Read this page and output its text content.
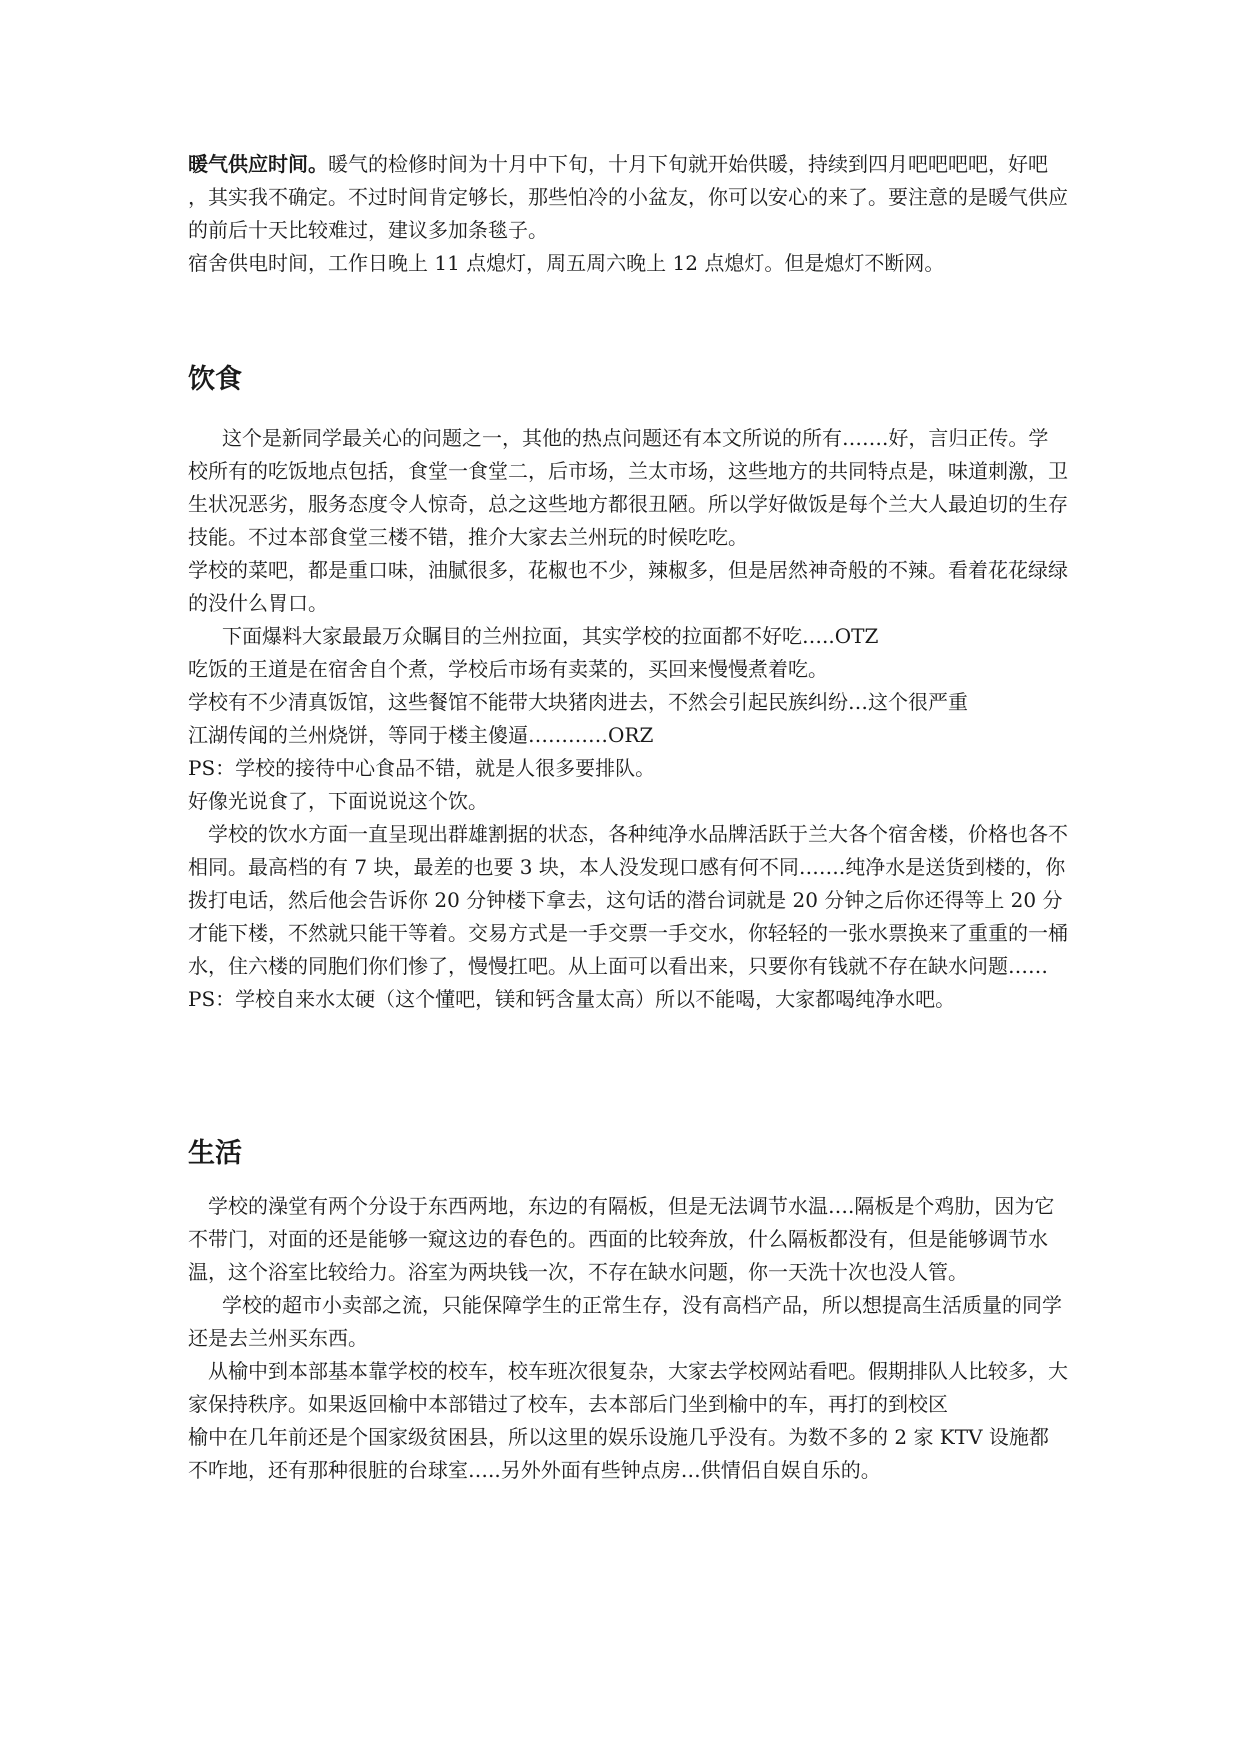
暖气供应时间。暖气的检修时间为十月中下旬，十月下旬就开始供暖，持续到四月吧吧吧吧，好吧 ，其实我不确定。不过时间肯定够长，那些怕冷的小盆友，你可以安心的来了。要注意的是暖气供应的前后十天比较难过，建议多加条毯子。

宿舍供电时间，工作日晚上 11 点熄灯，周五周六晚上 12 点熄灯。但是熄灯不断网。

饮食

这个是新同学最关心的问题之一，其他的热点问题还有本文所说的所有…….好，言归正传。学校所有的吃饭地点包括，食堂一食堂二，后市场，兰太市场，这些地方的共同特点是，味道刺激，卫生状况恶劣，服务态度令人惊奇，总之这些地方都很丑陋。所以学好做饭是每个兰大人最迫切的生存技能。不过本部食堂三楼不错，推介大家去兰州玩的时候吃吃。

学校的菜吧，都是重口味，油腻很多，花椒也不少，辣椒多，但是居然神奇般的不辣。看着花花绿绿的没什么胃口。

下面爆料大家最最万众瞩目的兰州拉面，其实学校的拉面都不好吃…..OTZ

吃饭的王道是在宿舍自个煮，学校后市场有卖菜的，买回来慢慢煮着吃。

学校有不少清真饭馆，这些餐馆不能带大块猪肉进去，不然会引起民族纠纷…这个很严重

江湖传闻的兰州烧饼，等同于楼主傻逼…………ORZ

PS：学校的接待中心食品不错，就是人很多要排队。

好像光说食了，下面说说这个饮。

学校的饮水方面一直呈现出群雄割据的状态，各种纯净水品牌活跃于兰大各个宿舍楼，价格也各不相同。最高档的有 7 块，最差的也要 3 块，本人没发现口感有何不同…….纯净水是送货到楼的，你拨打电话，然后他会告诉你 20 分钟楼下拿去，这句话的潜台词就是 20 分钟之后你还得等上 20 分才能下楼，不然就只能干等着。交易方式是一手交票一手交水，你轻轻的一张水票换来了重重的一桶水，住六楼的同胞们你们惨了，慢慢扛吧。从上面可以看出来，只要你有钱就不存在缺水问题……

PS：学校自来水太硬（这个懂吧，镁和钙含量太高）所以不能喝，大家都喝纯净水吧。

生活

学校的澡堂有两个分设于东西两地，东边的有隔板，但是无法调节水温….隔板是个鸡肋，因为它不带门，对面的还是能够一窥这边的春色的。西面的比较奔放，什么隔板都没有，但是能够调节水温，这个浴室比较给力。浴室为两块钱一次，不存在缺水问题，你一天洗十次也没人管。

学校的超市小卖部之流，只能保障学生的正常生存，没有高档产品，所以想提高生活质量的同学还是去兰州买东西。

从榆中到本部基本靠学校的校车，校车班次很复杂，大家去学校网站看吧。假期排队人比较多，大家保持秩序。如果返回榆中本部错过了校车，去本部后门坐到榆中的车，再打的到校区

榆中在几年前还是个国家级贫困县，所以这里的娱乐设施几乎没有。为数不多的 2 家 KTV 设施都不咋地，还有那种很脏的台球室…..另外外面有些钟点房…供情侣自娱自乐的。
